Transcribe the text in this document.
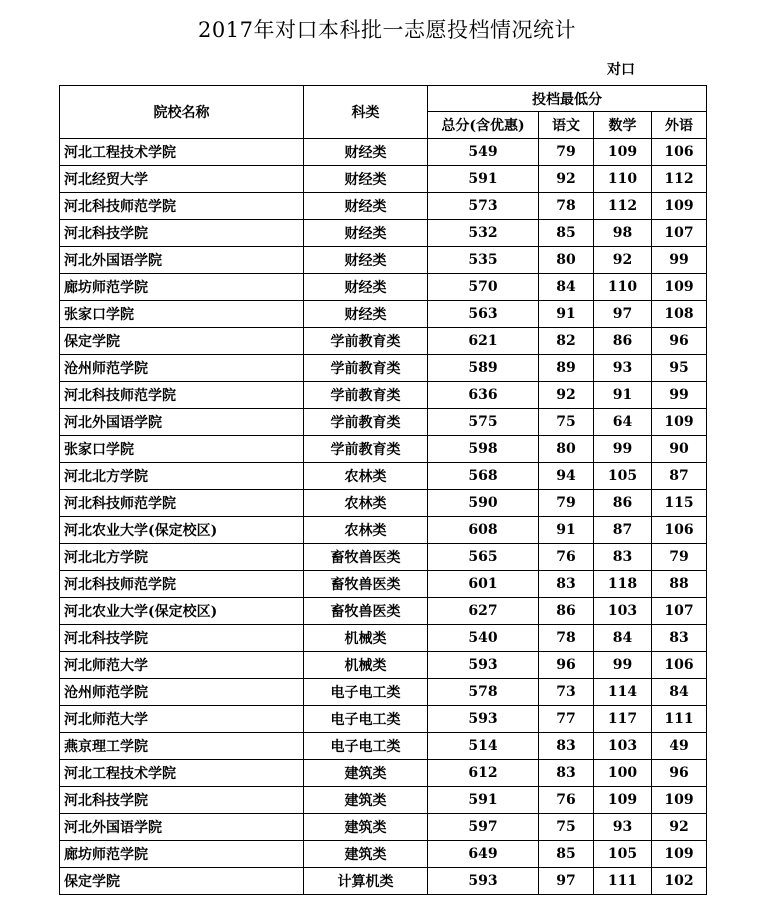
2017年对口本科批一志愿投档情况统计
对口
院校名称	科类	投档最低分			
		总分(含优惠)	语文	数学	外语
河北工程技术学院	财经类	549	79	109	106
河北经贸大学	财经类	591	92	110	112
河北科技师范学院	财经类	573	78	112	109
河北科技学院	财经类	532	85	98	107
河北外国语学院	财经类	535	80	92	99
廊坊师范学院	财经类	570	84	110	109
张家口学院	财经类	563	91	97	108
保定学院	学前教育类	621	82	86	96
沧州师范学院	学前教育类	589	89	93	95
河北科技师范学院	学前教育类	636	92	91	99
河北外国语学院	学前教育类	575	75	64	109
张家口学院	学前教育类	598	80	99	90
河北北方学院	农林类	568	94	105	87
河北科技师范学院	农林类	590	79	86	115
河北农业大学(保定校区)	农林类	608	91	87	106
河北北方学院	畜牧兽医类	565	76	83	79
河北科技师范学院	畜牧兽医类	601	83	118	88
河北农业大学(保定校区)	畜牧兽医类	627	86	103	107
河北科技学院	机械类	540	78	84	83
河北师范大学	机械类	593	96	99	106
沧州师范学院	电子电工类	578	73	114	84
河北师范大学	电子电工类	593	77	117	111
燕京理工学院	电子电工类	514	83	103	49
河北工程技术学院	建筑类	612	83	100	96
河北科技学院	建筑类	591	76	109	109
河北外国语学院	建筑类	597	75	93	92
廊坊师范学院	建筑类	649	85	105	109
保定学院	计算机类	593	97	111	102
